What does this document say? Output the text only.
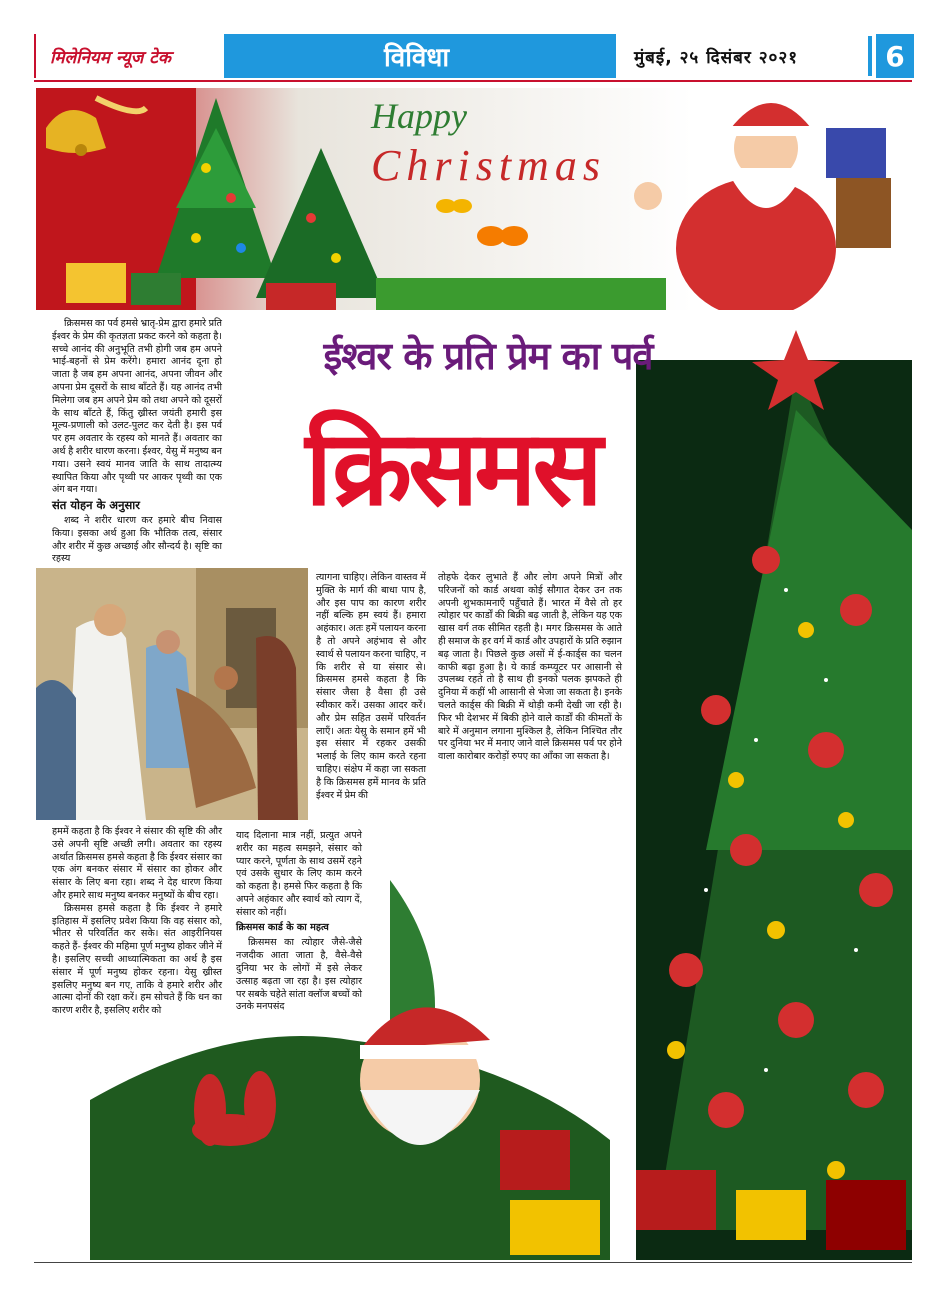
मिलेनियम न्यूज टेक	विविधा	मुंबई, २५ दिसंबर २०२१	6
Happy
Christmas
ईश्वर के प्रति प्रेम का पर्व
क्रिसमस

क्रिसमस का पर्व हमसे भ्रातृ-प्रेम द्वारा हमारे प्रति ईश्वर के प्रेम की कृतज्ञता प्रकट करने को कहता है। सच्चे आनंद की अनुभूति तभी होगी जब हम अपने भाई-बहनों से प्रेम करेंगे। हमारा आनंद दूना हो जाता है जब हम अपना आनंद, अपना जीवन और अपना प्रेम दूसरों के साथ बाँटते हैं। यह आनंद तभी मिलेगा जब हम अपने प्रेम को तथा अपने को दूसरों के साथ बाँटते हैं, किंतु ख्रीस्त जयंती हमारी इस मूल्य-प्रणाली को उलट-पुलट कर देती है। इस पर्व पर हम अवतार के रहस्य को मानते हैं। अवतार का अर्थ है शरीर धारण करना। ईश्वर, येसु में मनुष्य बन गया। उसने स्वयं मानव जाति के साथ तादात्म्य स्थापित किया और पृथ्वी पर आकर पृथ्वी का एक अंग बन गया।

संत योहन के अनुसार

शब्द ने शरीर धारण कर हमारे बीच निवास किया। इसका अर्थ हुआ कि भौतिक तत्व, संसार और शरीर में कुछ अच्छाई और सौन्दर्य है। सृष्टि का रहस्य

हममें कहता है कि ईश्वर ने संसार की सृष्टि की और उसे अपनी सृष्टि अच्छी लगी। अवतार का रहस्य अर्थात क्रिसमस हमसे कहता है कि ईश्वर संसार का एक अंग बनकर संसार में संसार का होकर और संसार के लिए बना रहा। शब्द ने देह धारण किया और हमारे साथ मनुष्य बनकर मनुष्यों के बीच रहा।

क्रिसमस हमसे कहता है कि ईश्वर ने हमारे इतिहास में इसलिए प्रवेश किया कि वह संसार को, भीतर से परिवर्तित कर सके। संत आइरीनियस कहते हैं- ईश्वर की महिमा पूर्ण मनुष्य होकर जीने में है। इसलिए सच्ची आध्यात्मिकता का अर्थ है इस संसार में पूर्ण मनुष्य होकर रहना। येसु ख्रीस्त इसलिए मनुष्य बन गए, ताकि वे हमारे शरीर और आत्मा दोनों की रक्षा करें। हम सोचते हैं कि धन का कारण शरीर है, इसलिए शरीर को

त्यागना चाहिए। लेकिन वास्तव में मुक्ति के मार्ग की बाधा पाप है, और इस पाप का कारण शरीर नहीं बल्कि हम स्वयं हैं। हमारा अहंकार। अतः हमें पलायन करना है तो अपने अहंभाव से और स्वार्थ से पलायन करना चाहिए, न कि शरीर से या संसार से। क्रिसमस हमसे कहता है कि संसार जैसा है वैसा ही उसे स्वीकार करें। उसका आदर करें। और प्रेम सहित उसमें परिवर्तन लाएँ। अतः येसु के समान हमें भी इस संसार में रहकर उसकी भलाई के लिए काम करते रहना चाहिए। संक्षेप में कहा जा सकता है कि क्रिसमस हमें मानव के प्रति ईश्वर में प्रेम की

याद दिलाना मात्र नहीं, प्रत्युत अपने शरीर का महत्व समझने, संसार को प्यार करने, पूर्णता के साथ उसमें रहने एवं उसके सुधार के लिए काम करने को कहता है। हमसे फिर कहता है कि अपने अहंकार और स्वार्थ को त्याग दें, संसार को नहीं।

क्रिसमस कार्ड के का महत्व

क्रिसमस का त्योहार जैसे-जैसे नजदीक आता जाता है, वैसे-वैसे दुनिया भर के लोगों में इसे लेकर उत्साह बढ़ता जा रहा है। इस त्योहार पर सबके चहेते सांता क्लॉज बच्चों को उनके मनपसंद

तोहफे देकर लुभाते हैं और लोग अपने मित्रों और परिजनों को कार्ड अथवा कोई सौगात देकर उन तक अपनी शुभकामनाएँ पहुँचाते हैं। भारत में वैसे तो हर त्योहार पर कार्डों की बिक्री बढ़ जाती है, लेकिन यह एक खास वर्ग तक सीमित रहती है। मगर क्रिसमस के आते ही समाज के हर वर्ग में कार्ड और उपहारों के प्रति रुझान बढ़ जाता है। पिछले कुछ असों में ई-कार्ड्स का चलन काफी बढ़ा हुआ है। ये कार्ड कम्प्यूटर पर आसानी से उपलब्ध रहते तो है साथ ही इनको पलक झपकते ही दुनिया में कहीं भी आसानी से भेजा जा सकता है। इनके चलते कार्ड्स की बिक्री में थोड़ी कमी देखी जा रही है। फिर भी देशभर में बिकी होने वाले कार्डों की कीमतों के बारे में अनुमान लगाना मुश्किल है, लेकिन निश्चित तौर पर दुनिया भर में मनाए जाने वाले क्रिसमस पर्व पर होने वाला कारोबार करोड़ों रुपए का आँका जा सकता है।
